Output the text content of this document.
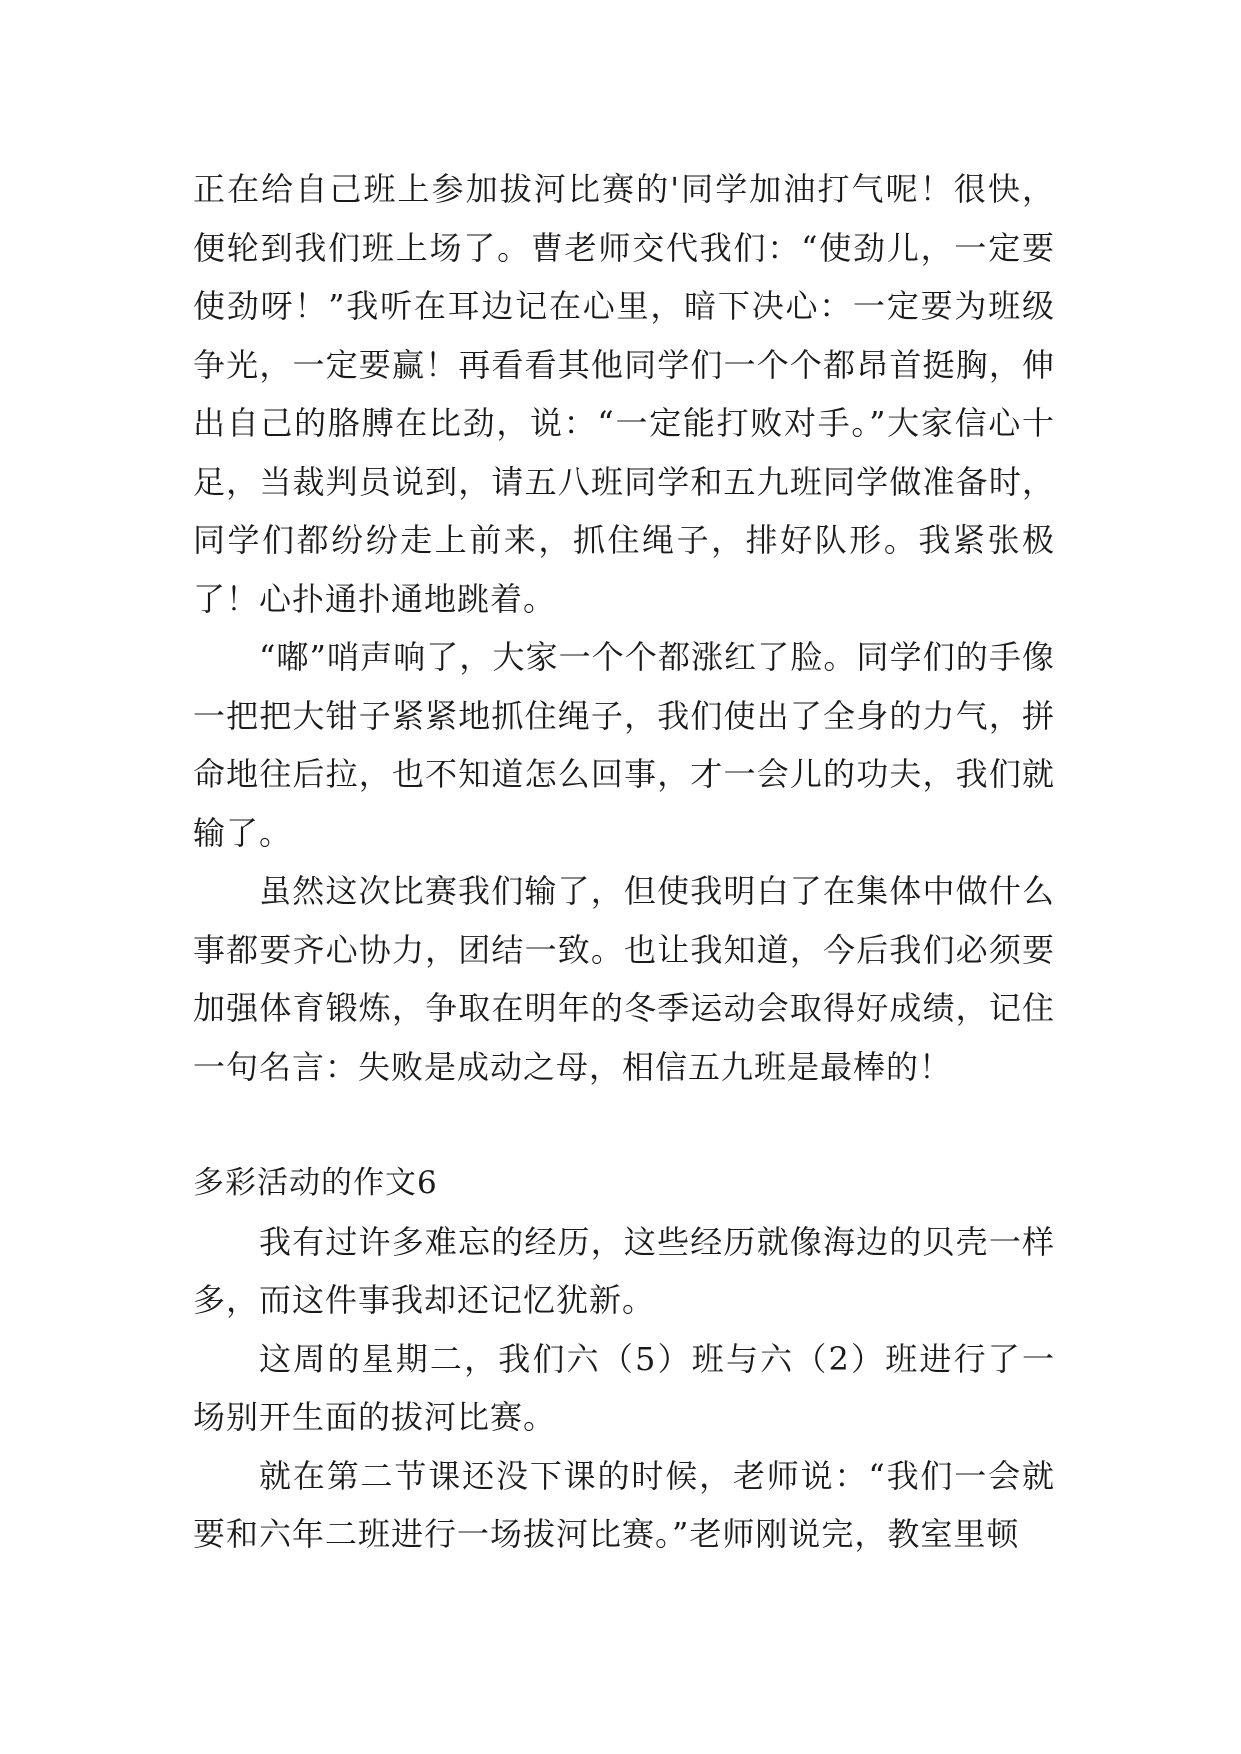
正在给自己班上参加拔河比赛的'同学加油打气呢！很快，便轮到我们班上场了。曹老师交代我们：“使劲儿，一定要使劲呀！”我听在耳边记在心里，暗下决心：一定要为班级争光，一定要赢！再看看其他同学们一个个都昂首挺胸，伸出自己的胳膊在比劲，说：“一定能打败对手。”大家信心十足，当裁判员说到，请五八班同学和五九班同学做准备时，同学们都纷纷走上前来，抓住绳子，排好队形。我紧张极了！心扑通扑通地跳着。

“嘟”哨声响了，大家一个个都涨红了脸。同学们的手像一把把大钳子紧紧地抓住绳子，我们使出了全身的力气，拼命地往后拉，也不知道怎么回事，才一会儿的功夫，我们就输了。

虽然这次比赛我们输了，但使我明白了在集体中做什么事都要齐心协力，团结一致。也让我知道，今后我们必须要加强体育锻炼，争取在明年的冬季运动会取得好成绩，记住一句名言：失败是成动之母，相信五九班是最棒的！

多彩活动的作文6

我有过许多难忘的经历，这些经历就像海边的贝壳一样多，而这件事我却还记忆犹新。

这周的星期二，我们六（5）班与六（2）班进行了一场别开生面的拔河比赛。

就在第二节课还没下课的时候，老师说：“我们一会就要和六年二班进行一场拔河比赛。”老师刚说完，教室里顿
